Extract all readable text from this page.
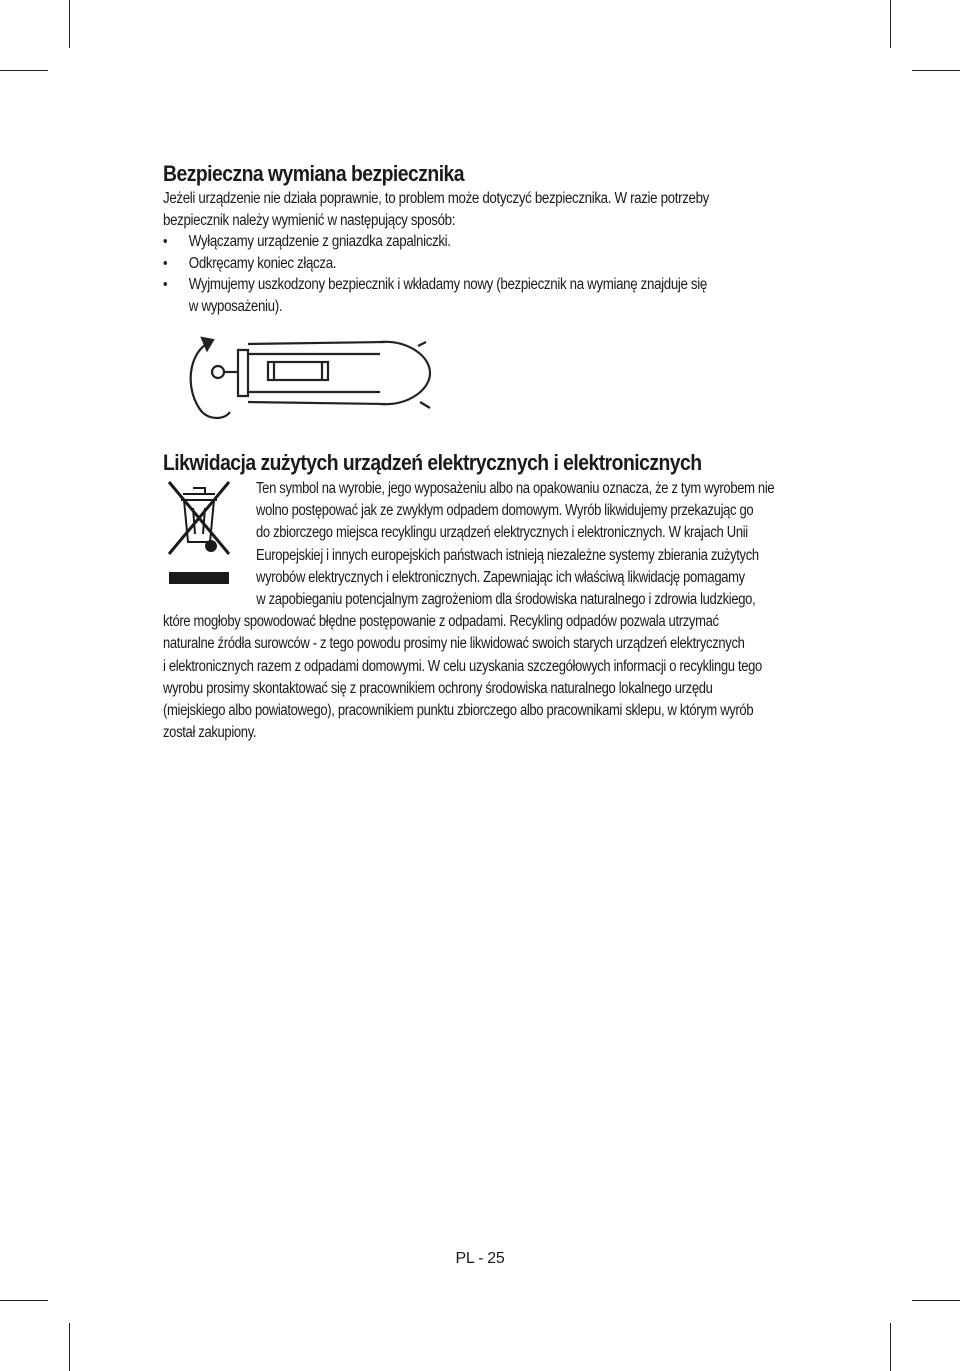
Bezpieczna wymiana bezpiecznika
Jeżeli urządzenie nie działa poprawnie, to problem może dotyczyć bezpiecznika. W razie potrzeby
bezpiecznik należy wymienić w następujący sposób:
• Wyłączamy urządzenie z gniazdka zapalniczki.
• Odkręcamy koniec złącza.
• Wyjmujemy uszkodzony bezpiecznik i wkładamy nowy (bezpiecznik na wymianę znajduje się
w wyposażeniu).
Likwidacja zużytych urządzeń elektrycznych i elektronicznych
Ten symbol na wyrobie, jego wyposażeniu albo na opakowaniu oznacza, że z tym wyrobem nie
wolno postępować jak ze zwykłym odpadem domowym. Wyrób likwidujemy przekazując go
do zbiorczego miejsca recyklingu urządzeń elektrycznych i elektronicznych. W krajach Unii
Europejskiej i innych europejskich państwach istnieją niezależne systemy zbierania zużytych
wyrobów elektrycznych i elektronicznych. Zapewniając ich właściwą likwidację pomagamy
w zapobieganiu potencjalnym zagrożeniom dla środowiska naturalnego i zdrowia ludzkiego,
które mogłoby spowodować błędne postępowanie z odpadami. Recykling odpadów pozwala utrzymać
naturalne źródła surowców - z tego powodu prosimy nie likwidować swoich starych urządzeń elektrycznych
i elektronicznych razem z odpadami domowymi. W celu uzyskania szczegółowych informacji o recyklingu tego
wyrobu prosimy skontaktować się z pracownikiem ochrony środowiska naturalnego lokalnego urzędu
(miejskiego albo powiatowego), pracownikiem punktu zbiorczego albo pracownikami sklepu, w którym wyrób
został zakupiony.
PL - 25
